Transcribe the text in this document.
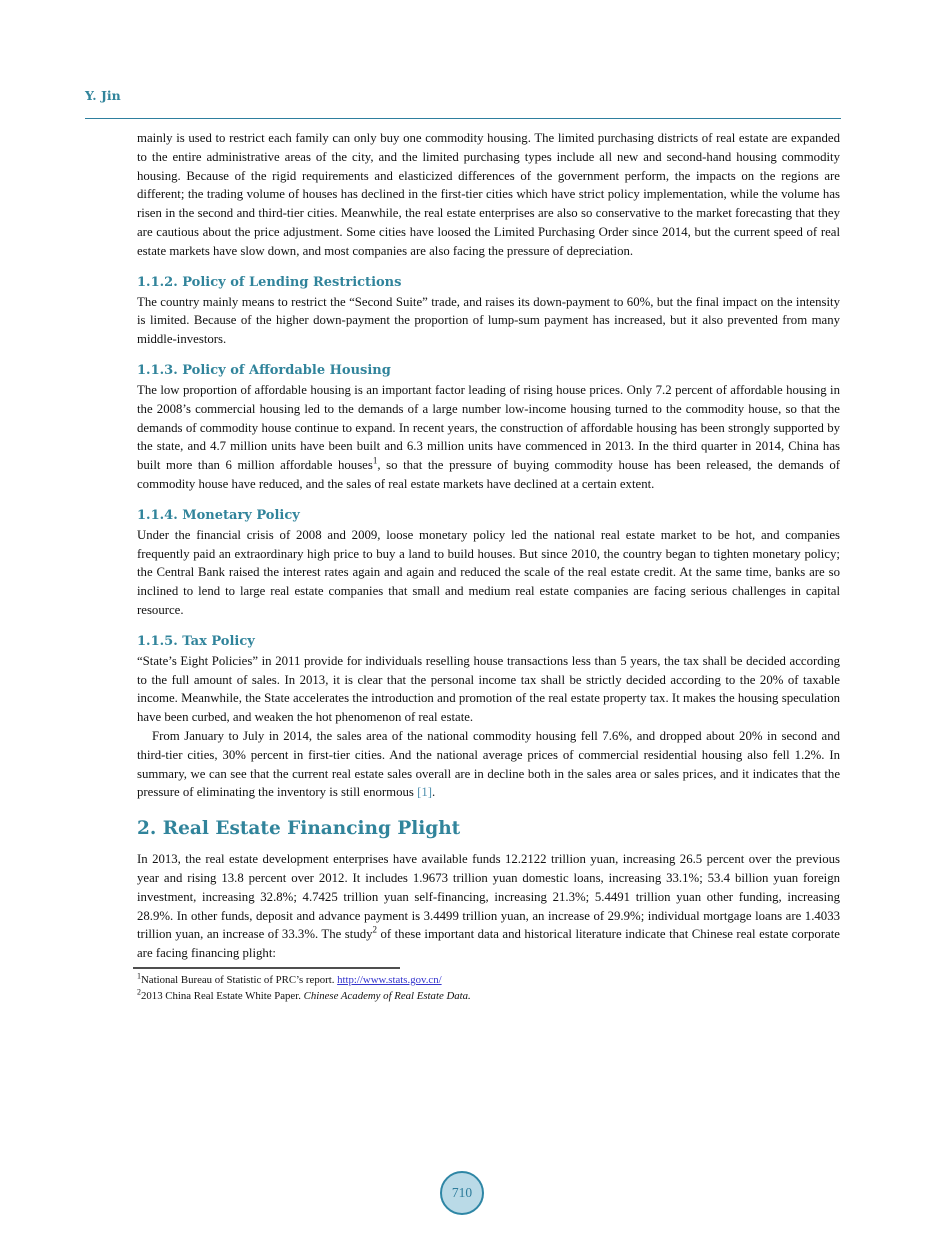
Y. Jin

mainly is used to restrict each family can only buy one commodity housing. The limited purchasing districts of real estate are expanded to the entire administrative areas of the city, and the limited purchasing types include all new and second-hand housing commodity housing. Because of the rigid requirements and elasticized differences of the government perform, the impacts on the regions are different; the trading volume of houses has declined in the first-tier cities which have strict policy implementation, while the volume has risen in the second and third-tier cities. Meanwhile, the real estate enterprises are also so conservative to the market forecasting that they are cautious about the price adjustment. Some cities have loosed the Limited Purchasing Order since 2014, but the current speed of real estate markets have slow down, and most companies are also facing the pressure of depreciation.

1.1.2. Policy of Lending Restrictions

The country mainly means to restrict the “Second Suite” trade, and raises its down-payment to 60%, but the final impact on the intensity is limited. Because of the higher down-payment the proportion of lump-sum payment has increased, but it also prevented from many middle-investors.

1.1.3. Policy of Affordable Housing

The low proportion of affordable housing is an important factor leading of rising house prices. Only 7.2 percent of affordable housing in the 2008’s commercial housing led to the demands of a large number low-income housing turned to the commodity house, so that the demands of commodity house continue to expand. In recent years, the construction of affordable housing has been strongly supported by the state, and 4.7 million units have been built and 6.3 million units have commenced in 2013. In the third quarter in 2014, China has built more than 6 million affordable houses$^1$, so that the pressure of buying commodity house has been released, the demands of commodity house have reduced, and the sales of real estate markets have declined at a certain extent.

1.1.4. Monetary Policy

Under the financial crisis of 2008 and 2009, loose monetary policy led the national real estate market to be hot, and companies frequently paid an extraordinary high price to buy a land to build houses. But since 2010, the country began to tighten monetary policy; the Central Bank raised the interest rates again and again and reduced the scale of the real estate credit. At the same time, banks are so inclined to lend to large real estate companies that small and medium real estate companies are facing serious challenges in capital resource.

1.1.5. Tax Policy

“State’s Eight Policies” in 2011 provide for individuals reselling house transactions less than 5 years, the tax shall be decided according to the full amount of sales. In 2013, it is clear that the personal income tax shall be strictly decided according to the 20% of taxable income. Meanwhile, the State accelerates the introduction and promotion of the real estate property tax. It makes the housing speculation have been curbed, and weaken the hot phenomenon of real estate.

From January to July in 2014, the sales area of the national commodity housing fell 7.6%, and dropped about 20% in second and third-tier cities, 30% percent in first-tier cities. And the national average prices of commercial residential housing also fell 1.2%. In summary, we can see that the current real estate sales overall are in decline both in the sales area or sales prices, and it indicates that the pressure of eliminating the inventory is still enormous [1].

2. Real Estate Financing Plight

In 2013, the real estate development enterprises have available funds 12.2122 trillion yuan, increasing 26.5 percent over the previous year and rising 13.8 percent over 2012. It includes 1.9673 trillion yuan domestic loans, increasing 33.1%; 53.4 billion yuan foreign investment, increasing 32.8%; 4.7425 trillion yuan self-financing, increasing 21.3%; 5.4491 trillion yuan other funding, increasing 28.9%. In other funds, deposit and advance payment is 3.4499 trillion yuan, an increase of 29.9%; individual mortgage loans are 1.4033 trillion yuan, an increase of 33.3%. The study$^2$ of these important data and historical literature indicate that Chinese real estate corporate are facing financing plight:

$^1$National Bureau of Statistic of PRC’s report. http://www.stats.gov.cn/

$^2$2013 China Real Estate White Paper. Chinese Academy of Real Estate Data.

710
